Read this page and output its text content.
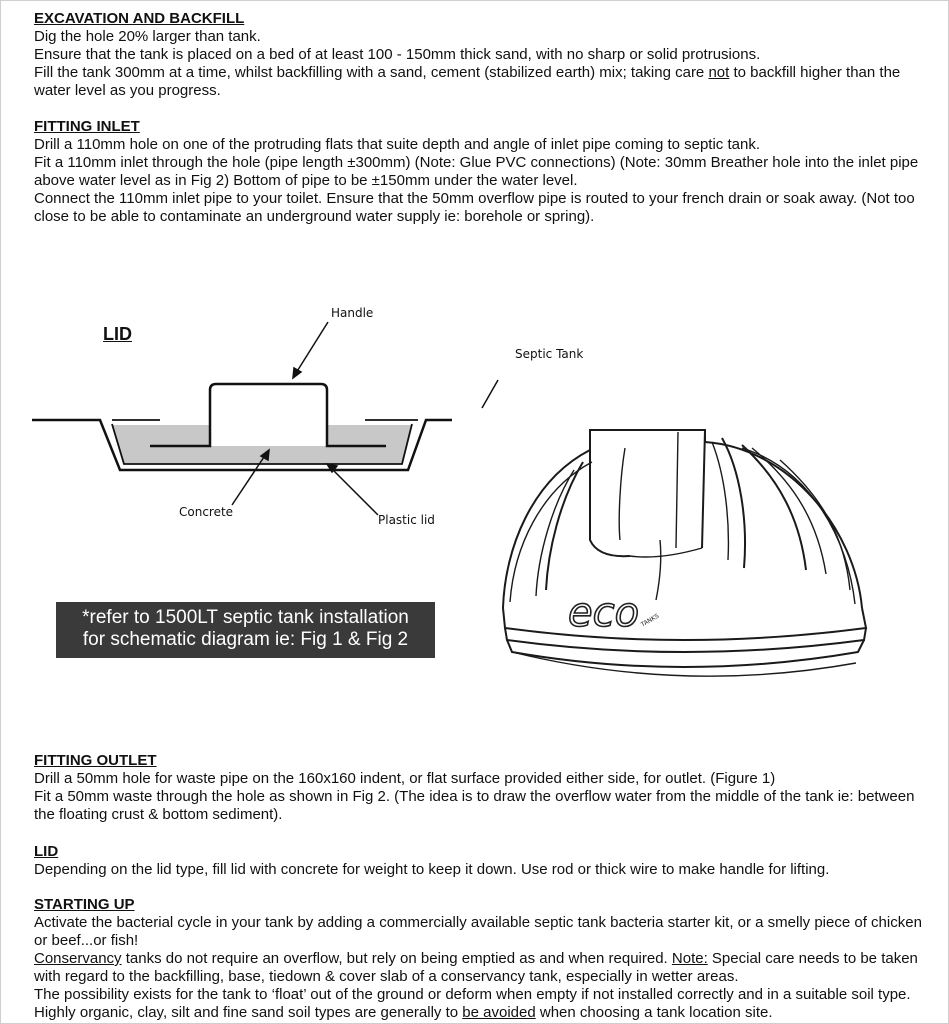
EXCAVATION AND BACKFILL

Dig the hole 20% larger than tank.

Ensure that the tank is placed on a bed of at least 100 - 150mm thick sand, with no sharp or solid protrusions.

Fill the tank 300mm at a time, whilst backfilling with a sand, cement (stabilized earth) mix; taking care not to backfill higher than the water level as you progress.

FITTING INLET

Drill a 110mm hole on one of the protruding flats that suite depth and angle of inlet pipe coming to septic tank.

Fit a 110mm inlet through the hole (pipe length ±300mm) (Note: Glue PVC connections) (Note: 30mm Breather hole into the inlet pipe above water level as in Fig 2) Bottom of pipe to be ±150mm under the water level.

Connect the 110mm inlet pipe to your toilet. Ensure that the 50mm overflow pipe is routed to your french drain or soak away. (Not too close to be able to contaminate an underground water supply ie: borehole or spring).

LID
Handle
Concrete
Plastic lid
Septic Tank
eco TANKS
*refer to 1500LT septic tank installation
for schematic diagram ie: Fig 1 & Fig 2

FITTING OUTLET

Drill a 50mm hole for waste pipe on the 160x160 indent, or flat surface provided either side, for outlet. (Figure 1)

Fit a 50mm waste through the hole as shown in Fig 2. (The idea is to draw the overflow water from the middle of the tank ie: between the floating crust & bottom sediment).

LID

Depending on the lid type, fill lid with concrete for weight to keep it down. Use rod or thick wire to make handle for lifting.

STARTING UP

Activate the bacterial cycle in your tank by adding a commercially available septic tank bacteria starter kit, or a smelly piece of chicken or beef...or fish!

Conservancy tanks do not require an overflow, but rely on being emptied as and when required. Note: Special care needs to be taken with regard to the backfilling, base, tiedown & cover slab of a conservancy tank, especially in wetter areas.

The possibility exists for the tank to ‘float’ out of the ground or deform when empty if not installed correctly and in a suitable soil type. Highly organic, clay, silt and fine sand soil types are generally to be avoided when choosing a tank location site.
